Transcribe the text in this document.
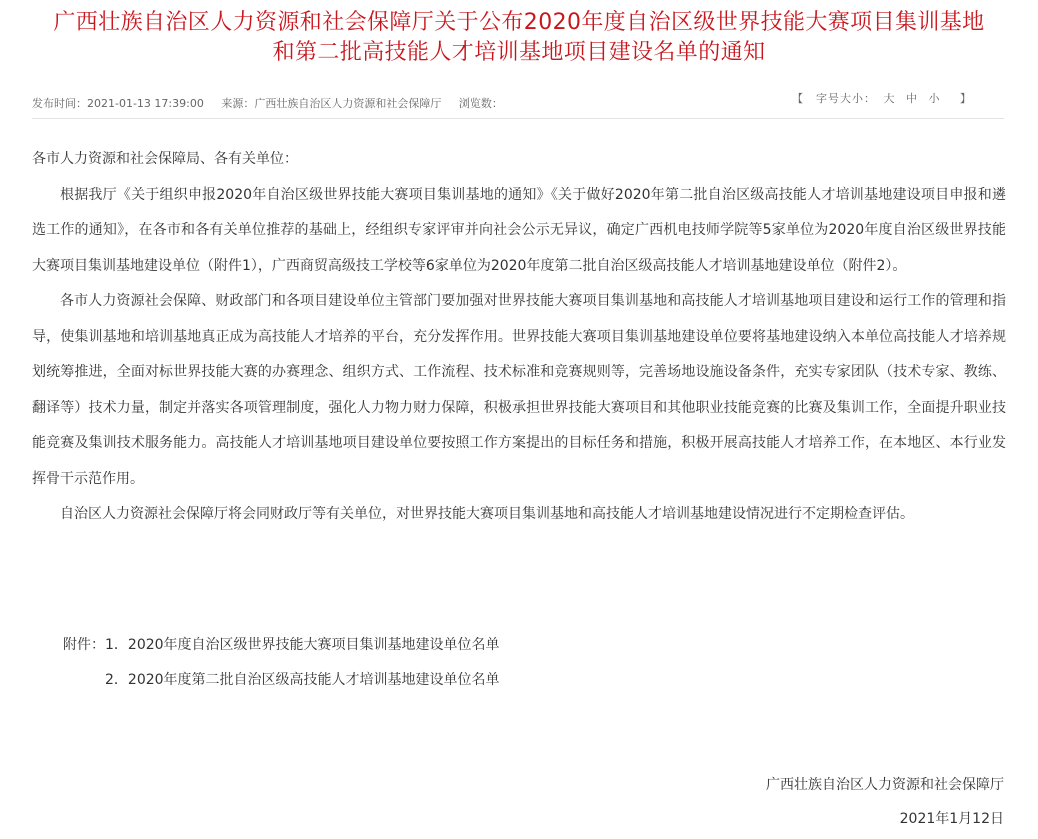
广西壮族自治区人力资源和社会保障厅关于公布2020年度自治区级世界技能大赛项目集训基地
和第二批高技能人才培训基地项目建设名单的通知
发布时间：2021-01-13 17:39:00 来源：广西壮族自治区人力资源和社会保障厅 浏览数：	【　字号大小： 大 中 小 　】

各市人力资源和社会保障局、各有关单位：

根据我厅《关于组织申报2020年自治区级世界技能大赛项目集训基地的通知》《关于做好2020年第二批自治区级高技能人才培训基地建设项目申报和遴选工作的通知》，在各市和各有关单位推荐的基础上，经组织专家评审并向社会公示无异议，确定广西机电技师学院等5家单位为2020年度自治区级世界技能大赛项目集训基地建设单位（附件1），广西商贸高级技工学校等6家单位为2020年度第二批自治区级高技能人才培训基地建设单位（附件2）。

各市人力资源社会保障、财政部门和各项目建设单位主管部门要加强对世界技能大赛项目集训基地和高技能人才培训基地项目建设和运行工作的管理和指导，使集训基地和培训基地真正成为高技能人才培养的平台，充分发挥作用。世界技能大赛项目集训基地建设单位要将基地建设纳入本单位高技能人才培养规划统筹推进，全面对标世界技能大赛的办赛理念、组织方式、工作流程、技术标准和竞赛规则等，完善场地设施设备条件，充实专家团队（技术专家、教练、翻译等）技术力量，制定并落实各项管理制度，强化人力物力财力保障，积极承担世界技能大赛项目和其他职业技能竞赛的比赛及集训工作，全面提升职业技能竞赛及集训技术服务能力。高技能人才培训基地项目建设单位要按照工作方案提出的目标任务和措施，积极开展高技能人才培养工作，在本地区、本行业发挥骨干示范作用。

自治区人力资源社会保障厅将会同财政厅等有关单位，对世界技能大赛项目集训基地和高技能人才培训基地建设情况进行不定期检查评估。

附件：1．2020年度自治区级世界技能大赛项目集训基地建设单位名单
2．2020年度第二批自治区级高技能人才培训基地建设单位名单
广西壮族自治区人力资源和社会保障厅
2021年1月12日
